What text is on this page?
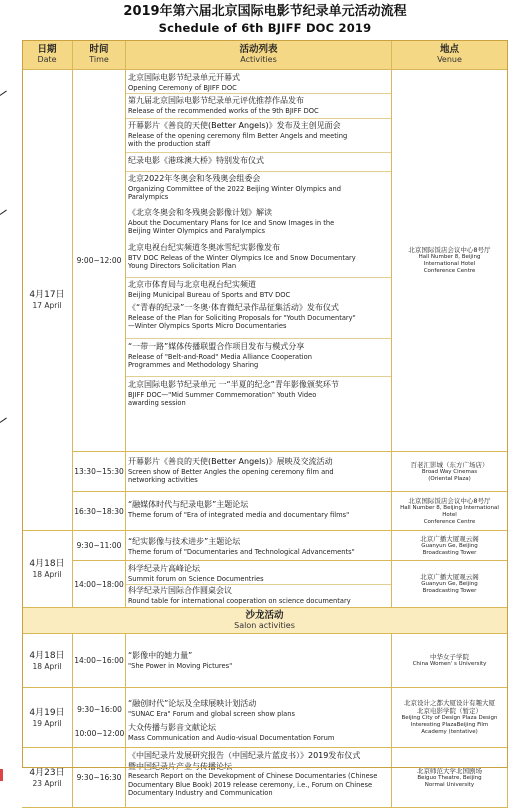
2019年第六届北京国际电影节纪录单元活动流程
Schedule of 6th BJIFF DOC 2019
日期
Date
时间
Time
活动列表
Activities
地点
Venue
4月17日
17 April
9:00~12:00
北京国际电影节纪录单元开幕式
Opening Ceremony of BJIFF DOC
第九届北京国际电影节纪录单元评优推荐作品发布
Release of the recommended works of the 9th BJIFF DOC
开幕影片《善良的天使(Better Angels)》发布及主创见面会
Release of the opening ceremony film Better Angels and meeting
with the production staff
纪录电影《港珠澳大桥》特别发布仪式
北京2022年冬奥会和冬残奥会组委会
Organizing Committee of the 2022 Beijing Winter Olympics and
Paralympics
《北京冬奥会和冬残奥会影像计划》解读
About the Documentary Plans for Ice and Snow Images in the
Beijing Winter Olympics and Paralympics
北京电视台纪实频道冬奥冰雪纪实影像发布
BTV DOC Releas of the Winter Olympics Ice and Snow Documentary
Young Directors Solicitation Plan
北京市体育局与北京电视台纪实频道
Beijing Municipal Bureau of Sports and BTV DOC
《“青春的纪录”一冬奥·体育微纪录作品征集活动》发布仪式
Release of the Plan for Soliciting Proposals for "Youth Documentary"
—Winter Olympics Sports Micro Documentaries
“一带一路”媒体传播联盟合作项目发布与模式分享
Release of "Belt-and-Road" Media Alliance Cooperation
Programmes and Methodology Sharing
北京国际电影节纪录单元 一“半夏的纪念”青年影像颁奖环节
BJIFF DOC—"Mid Summer Commemoration" Youth Video
awarding session
北京国际饭店会议中心8号厅
Hall Number 8, Beijing
International Hotel
Conference Centre
13:30~15:30
开幕影片《善良的天使(Better Angels)》展映及交流活动
Screen show of Better Angles the opening ceremony film and
networking activities
百老汇影城（东方广场店）
Broad Way Cinemas
(Oriental Plaza)
16:30~18:30
“融媒体时代与纪录电影”主题论坛
Theme forum of "Era of integrated media and documentary films"
北京国际饭店会议中心8号厅
Hall Number 8, Beijing International Hotel
Conference Centre
4月18日
18 April
9:30~11:00 “纪实影像与技术进步”主题论坛
Theme forum of "Documentaries and Technological Advancements"
北京广播大厦观云阁
Guanyun Ge, Beijing
Broadcasting Tower
14:00~18:00
科学纪录片高峰论坛
Summit forum on Science Documentries
科学纪录片国际合作圆桌会议
Round table for international cooperation on science documentary
北京广播大厦观云阁
Guanyun Ge, Beijing
Broadcasting Tower
沙龙活动
Salon activities
4月18日
18 April
14:00~16:00
“影像中的她力量”
"She Power in Moving Pictures"
中华女子学院
China Women' s University
4月19日
19 April
9:30~16:00
10:00~12:00
“融创时代”论坛及全球展映计划活动
"SUNAC Era" Forum and global screen show plans
大众传播与影音文献论坛
Mass Communication and Audio-visual Documentation Forum
北京设计之都大厦设计有趣大厦
北京电影学院（暂定）
Beijing City of Design Plaza Design
Interesting PlazaBeijing Film
Academy (tentative)
4月23日
23 April
9:30~16:30
《中国纪录片发展研究报告（中国纪录片蓝皮书）》2019发布仪式
暨中国纪录片产业与传播论坛
Research Report on the Devekopment of Chinese Documentaries (Chinese
Documentary Blue Book) 2019 release ceremony, i.e., Forum on Chinese
Documentary Industry and Communication
北京师范大学北国剧场
Beiguo Theatre, Beijing
Normal University
